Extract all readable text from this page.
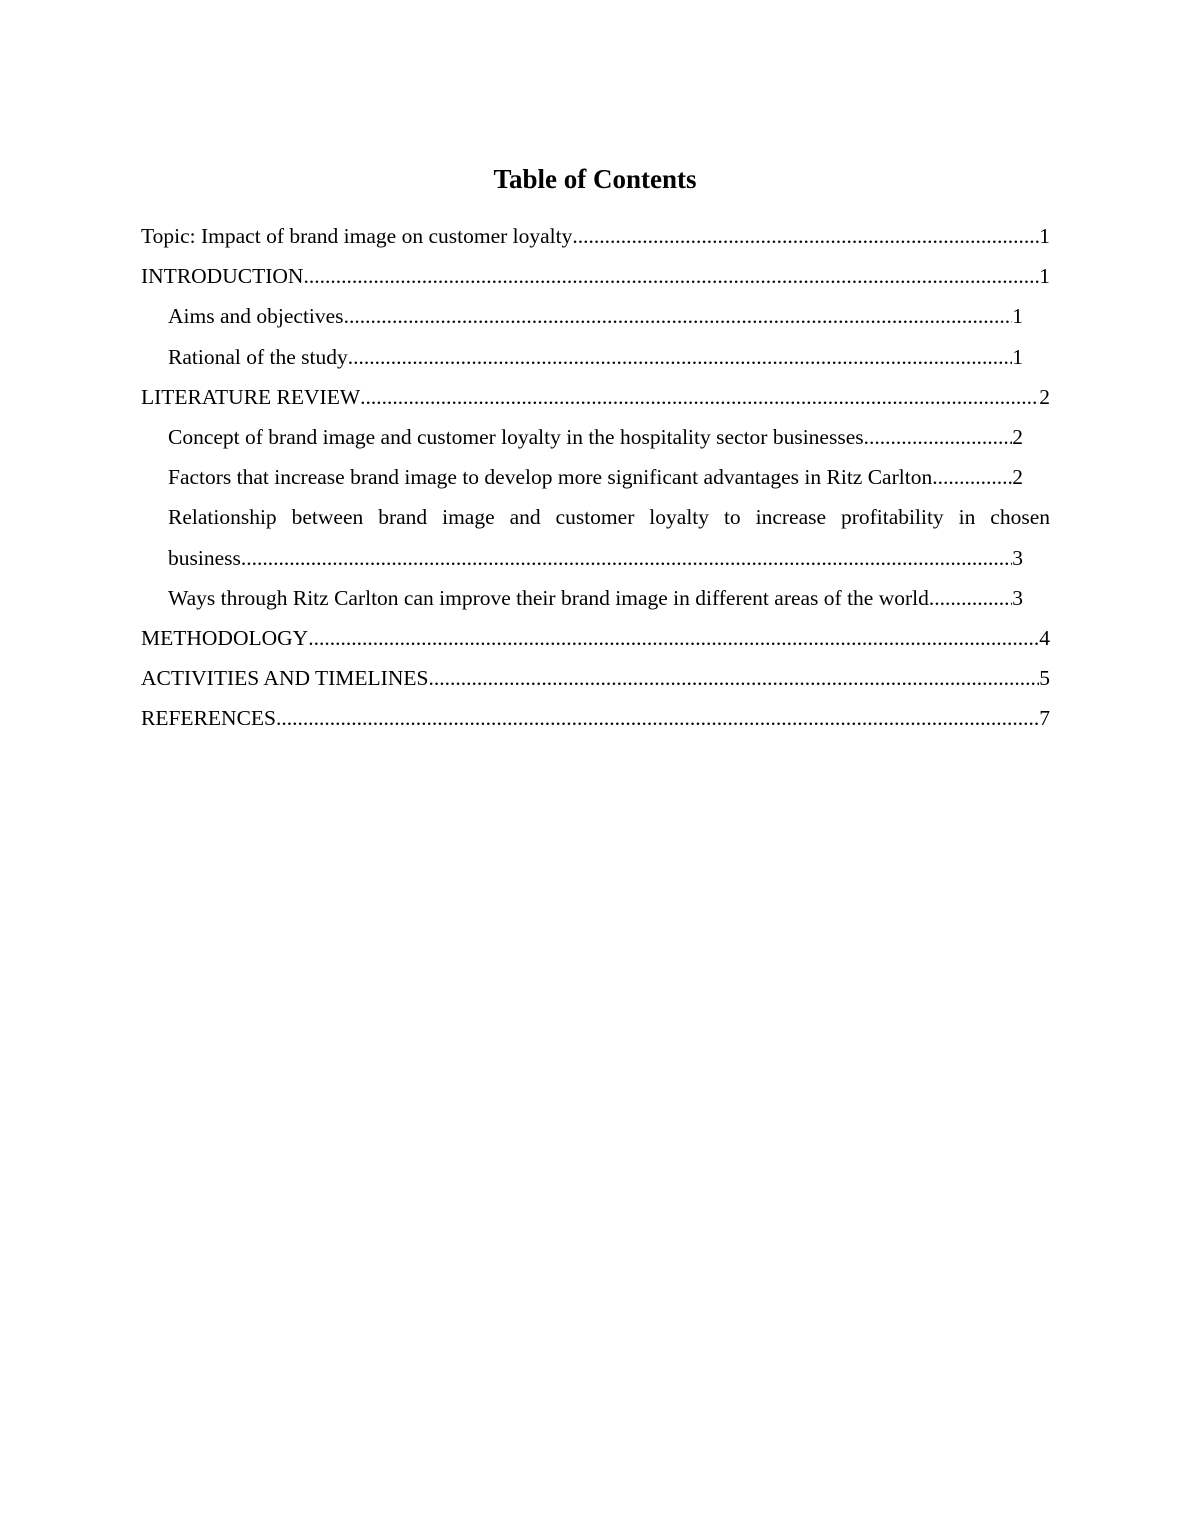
Table of Contents
Topic: Impact of brand image on customer loyalty .....	1
INTRODUCTION .....	1
Aims and objectives .....	1
Rational of the study .....	1
LITERATURE REVIEW .....	2
Concept of brand image and customer loyalty in the hospitality sector businesses .....	2
Factors that increase brand image to develop more significant advantages in Ritz Carlton. .....	2
Relationship between brand image and customer loyalty to increase profitability in chosen
business .....	3
Ways through Ritz Carlton can improve their brand image in different areas of the world. .....	3
METHODOLOGY .....	4
ACTIVITIES AND TIMELINES .....	5
REFERENCES .....	7
